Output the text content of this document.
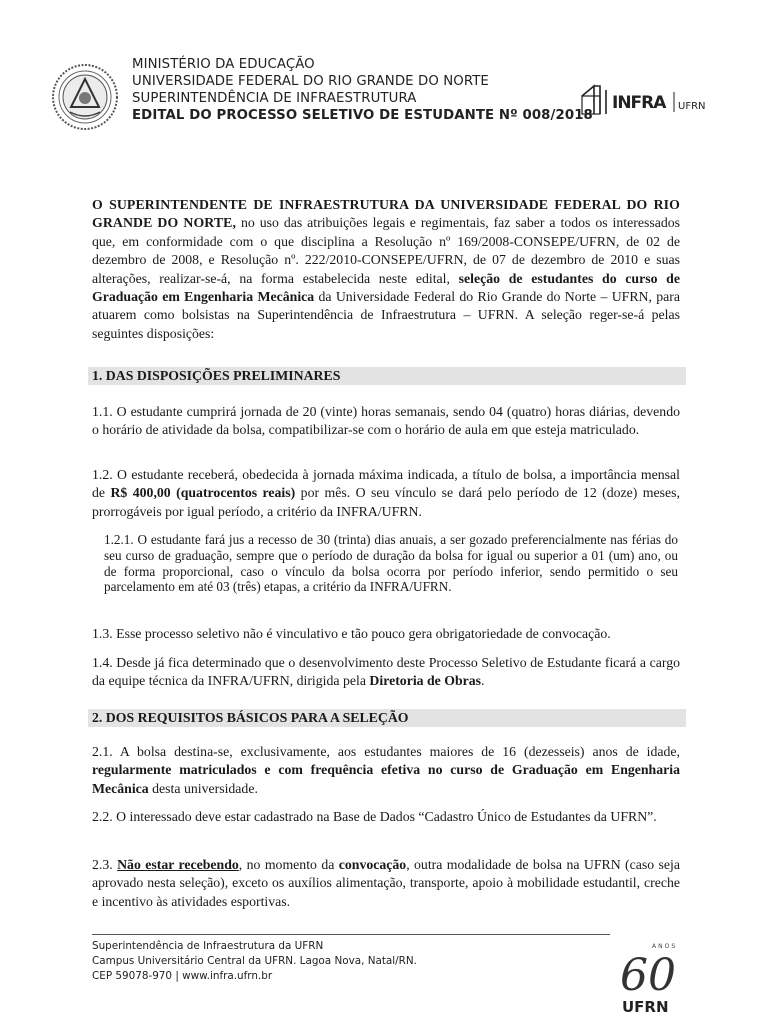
MINISTÉRIO DA EDUCAÇÃO
UNIVERSIDADE FEDERAL DO RIO GRANDE DO NORTE
SUPERINTENDÊNCIA DE INFRAESTRUTURA
EDITAL DO PROCESSO SELETIVO DE ESTUDANTE Nº 008/2018
INFRA UFRN
O SUPERINTENDENTE DE INFRAESTRUTURA DA UNIVERSIDADE FEDERAL DO RIO GRANDE DO NORTE, no uso das atribuições legais e regimentais, faz saber a todos os interessados que, em conformidade com o que disciplina a Resolução nº 169/2008-CONSEPE/UFRN, de 02 de dezembro de 2008, e Resolução nº. 222/2010-CONSEPE/UFRN, de 07 de dezembro de 2010 e suas alterações, realizar-se-á, na forma estabelecida neste edital, seleção de estudantes do curso de Graduação em Engenharia Mecânica da Universidade Federal do Rio Grande do Norte – UFRN, para atuarem como bolsistas na Superintendência de Infraestrutura – UFRN. A seleção reger-se-á pelas seguintes disposições:
1. DAS DISPOSIÇÕES PRELIMINARES
1.1. O estudante cumprirá jornada de 20 (vinte) horas semanais, sendo 04 (quatro) horas diárias, devendo o horário de atividade da bolsa, compatibilizar-se com o horário de aula em que esteja matriculado.
1.2. O estudante receberá, obedecida à jornada máxima indicada, a título de bolsa, a importância mensal de R$ 400,00 (quatrocentos reais) por mês. O seu vínculo se dará pelo período de 12 (doze) meses, prorrogáveis por igual período, a critério da INFRA/UFRN.
1.2.1. O estudante fará jus a recesso de 30 (trinta) dias anuais, a ser gozado preferencialmente nas férias do seu curso de graduação, sempre que o período de duração da bolsa for igual ou superior a 01 (um) ano, ou de forma proporcional, caso o vínculo da bolsa ocorra por período inferior, sendo permitido o seu parcelamento em até 03 (três) etapas, a critério da INFRA/UFRN.
1.3. Esse processo seletivo não é vinculativo e tão pouco gera obrigatoriedade de convocação.
1.4. Desde já fica determinado que o desenvolvimento deste Processo Seletivo de Estudante ficará a cargo da equipe técnica da INFRA/UFRN, dirigida pela Diretoria de Obras.
2. DOS REQUISITOS BÁSICOS PARA A SELEÇÃO
2.1. A bolsa destina-se, exclusivamente, aos estudantes maiores de 16 (dezesseis) anos de idade, regularmente matriculados e com frequência efetiva no curso de Graduação em Engenharia Mecânica desta universidade.
2.2. O interessado deve estar cadastrado na Base de Dados “Cadastro Único de Estudantes da UFRN”.
2.3. Não estar recebendo, no momento da convocação, outra modalidade de bolsa na UFRN (caso seja aprovado nesta seleção), exceto os auxílios alimentação, transporte, apoio à mobilidade estudantil, creche e incentivo às atividades esportivas.
Superintendência de Infraestrutura da UFRN
Campus Universitário Central da UFRN. Lagoa Nova, Natal/RN.
CEP 59078-970 | www.infra.ufrn.br
ANOS
60
UFRN
